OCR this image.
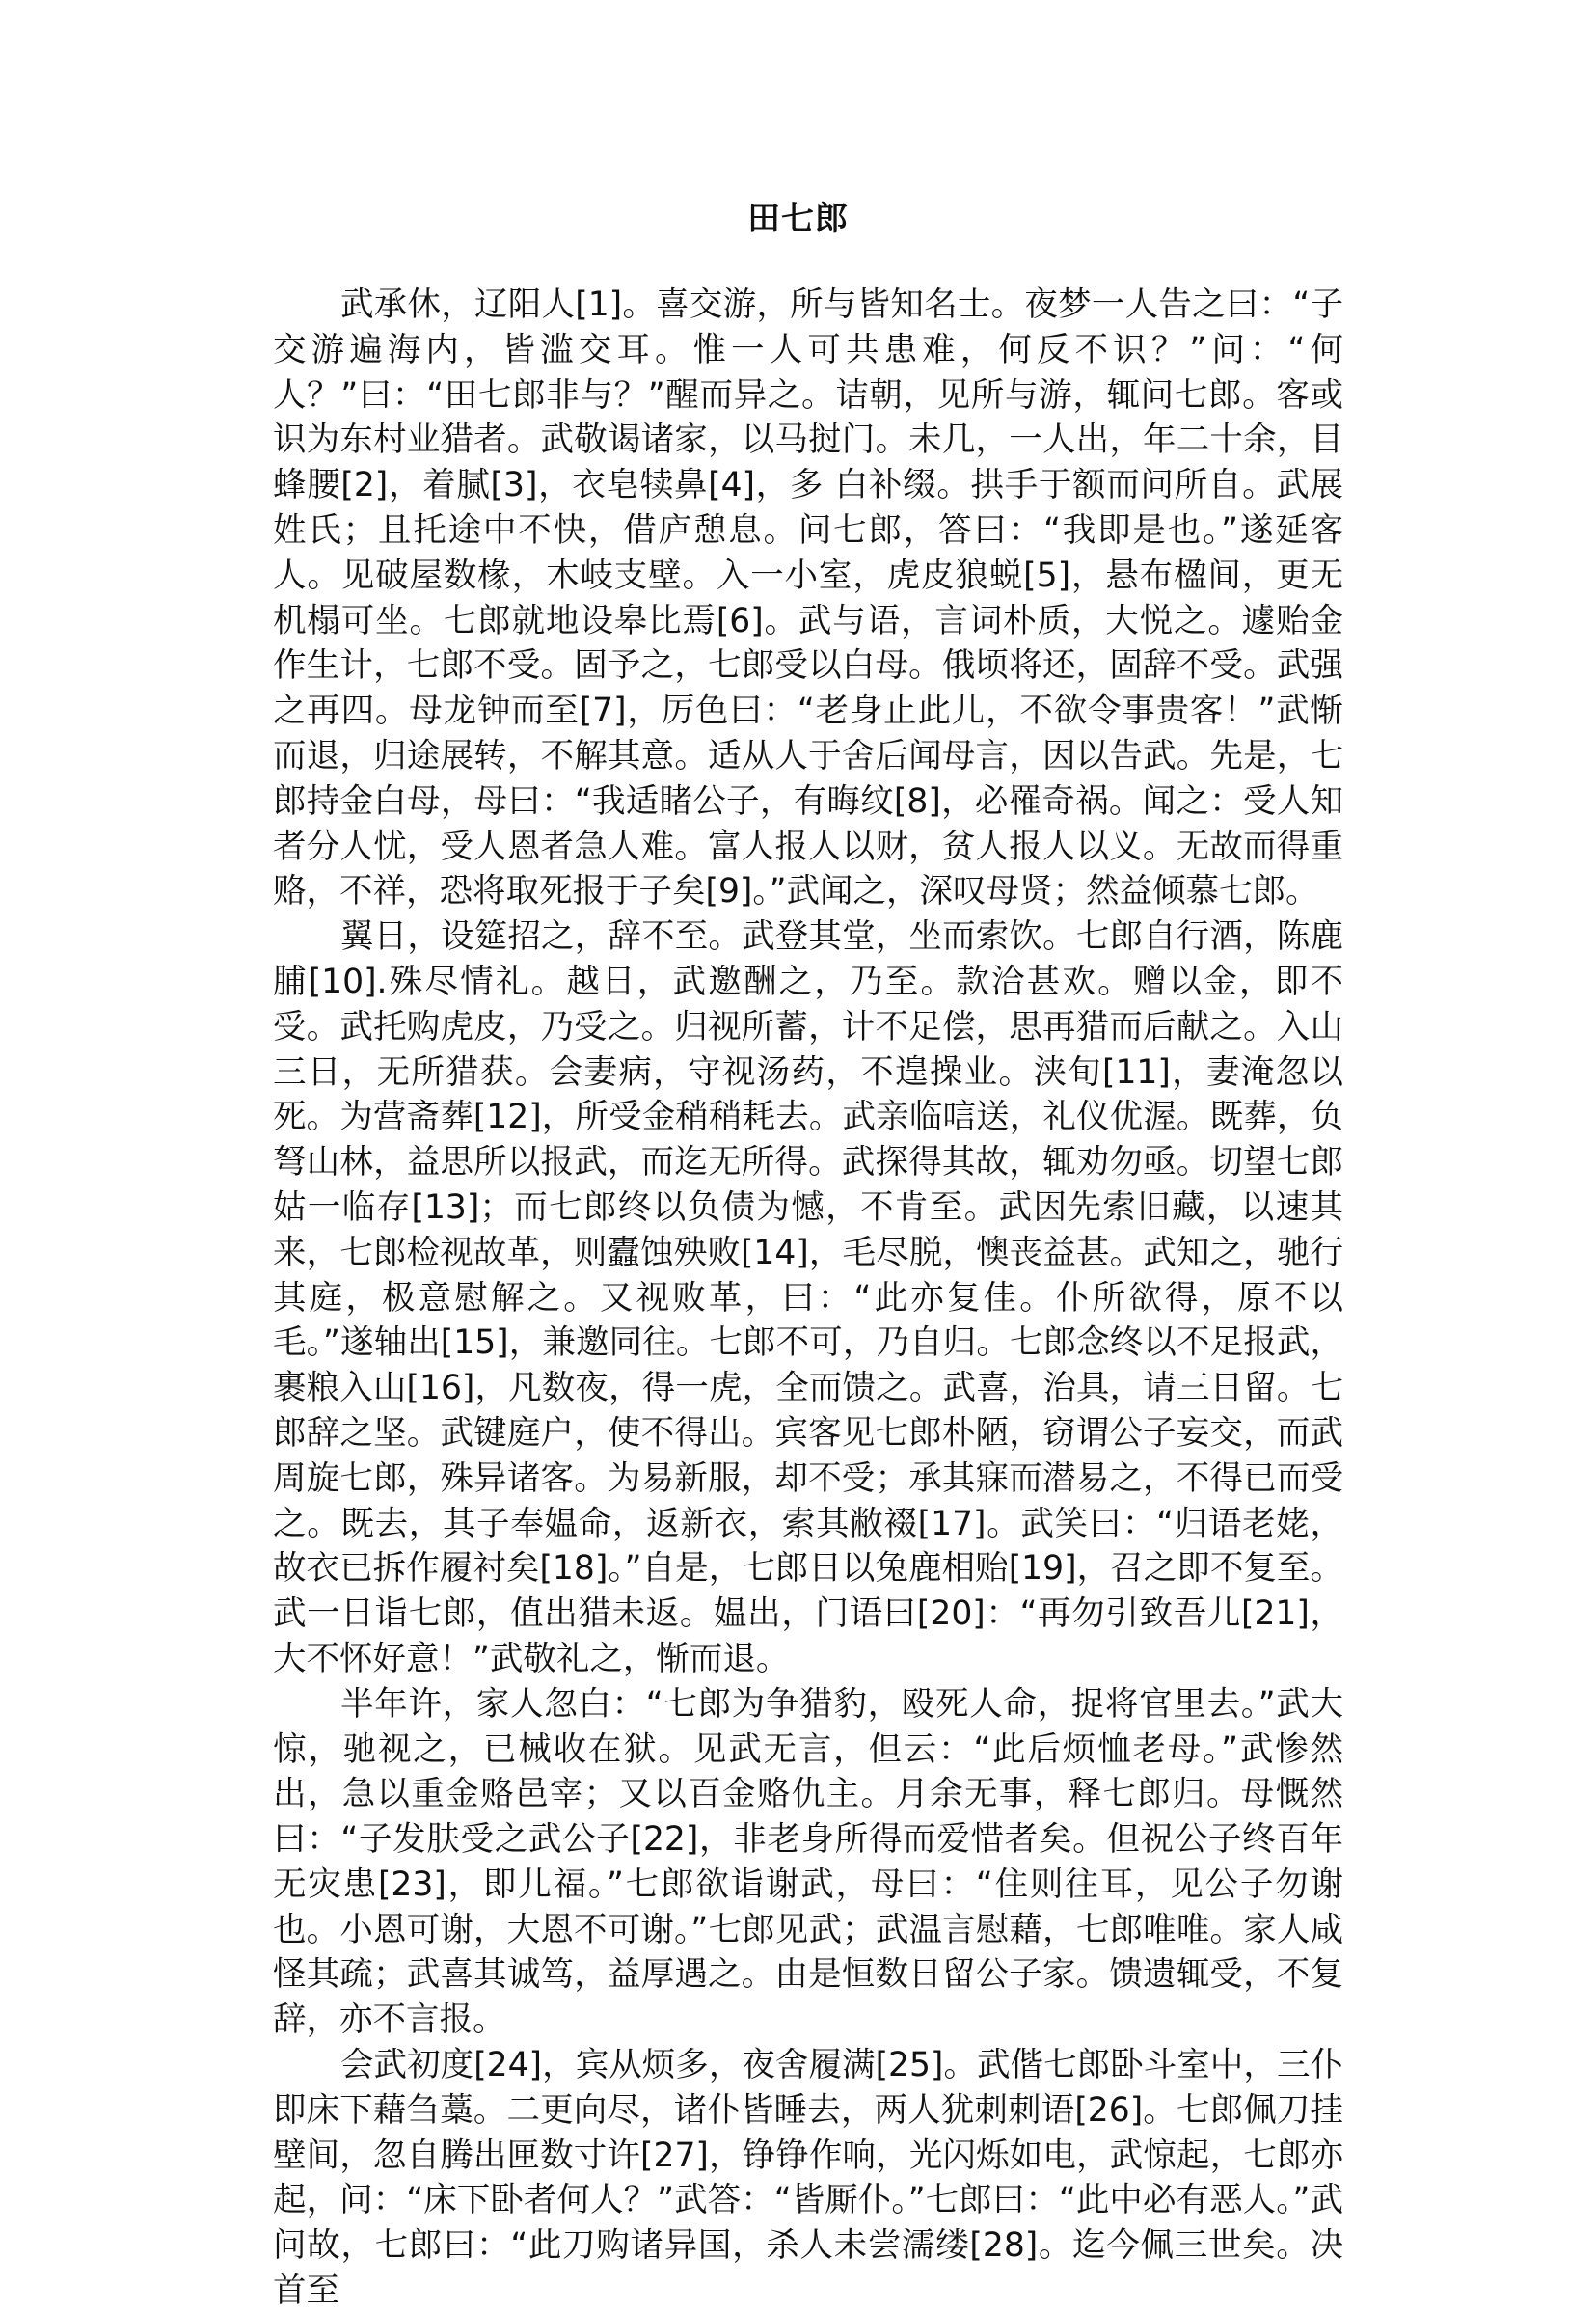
田七郎

武承休，辽阳人[1]。喜交游，所与皆知名士。夜梦一人告之曰：“子交游遍海内，皆滥交耳。惟一人可共患难，何反不识？”问：“何人？”曰：“田七郎非与？”醒而异之。诘朝，见所与游，辄问七郎。客或识为东村业猎者。武敬谒诸家，以马挝门。未几，一人出，年二十余，目蜂腰[2]，着腻[3]，衣皂犊鼻[4]，多 白补缀。拱手于额而问所自。武展姓氏；且托途中不快，借庐憩息。问七郎，答曰：“我即是也。”遂延客人。见破屋数椽，木岐支壁。入一小室，虎皮狼蜕[5]，悬布楹间，更无机榻可坐。七郎就地设皋比焉[6]。武与语，言词朴质，大悦之。遽贻金作生计，七郎不受。固予之，七郎受以白母。俄顷将还，固辞不受。武强之再四。母龙钟而至[7]，厉色曰：“老身止此儿，不欲令事贵客！”武惭而退，归途展转，不解其意。适从人于舍后闻母言，因以告武。先是，七郎持金白母，母曰：“我适睹公子，有晦纹[8]，必罹奇祸。闻之：受人知者分人忧，受人恩者急人难。富人报人以财，贫人报人以义。无故而得重赂，不祥，恐将取死报于子矣[9]。”武闻之，深叹母贤；然益倾慕七郎。

翼日，设筵招之，辞不至。武登其堂，坐而索饮。七郎自行酒，陈鹿脯[10].殊尽情礼。越日，武邀酬之，乃至。款洽甚欢。赠以金，即不受。武托购虎皮，乃受之。归视所蓄，计不足偿，思再猎而后献之。入山三日，无所猎获。会妻病，守视汤药，不遑操业。浃旬[11]，妻淹忽以死。为营斋葬[12]，所受金稍稍耗去。武亲临唁送，礼仪优渥。既葬，负弩山林，益思所以报武，而迄无所得。武探得其故，辄劝勿亟。切望七郎姑一临存[13]；而七郎终以负债为憾，不肯至。武因先索旧藏，以速其来，七郎检视故革，则蠹蚀殃败[14]，毛尽脱，懊丧益甚。武知之，驰行其庭，极意慰解之。又视败革，曰：“此亦复佳。仆所欲得，原不以毛。”遂轴出[15]，兼邀同往。七郎不可，乃自归。七郎念终以不足报武，裹粮入山[16]，凡数夜，得一虎，全而馈之。武喜，治具，请三日留。七郎辞之坚。武键庭户，使不得出。宾客见七郎朴陋，窃谓公子妄交，而武周旋七郎，殊异诸客。为易新服，却不受；承其寐而潜易之，不得已而受之。既去，其子奉媪命，返新衣，索其敝裰[17]。武笑曰：“归语老姥，故衣已拆作履衬矣[18]。”自是，七郎日以兔鹿相贻[19]，召之即不复至。武一日诣七郎，值出猎未返。媪出，门语曰[20]：“再勿引致吾儿[21]，大不怀好意！”武敬礼之，惭而退。

半年许，家人忽白：“七郎为争猎豹，殴死人命，捉将官里去。”武大惊，驰视之，已械收在狱。见武无言，但云：“此后烦恤老母。”武惨然出，急以重金赂邑宰；又以百金赂仇主。月余无事，释七郎归。母慨然曰：“子发肤受之武公子[22]，非老身所得而爱惜者矣。但祝公子终百年无灾患[23]，即儿福。”七郎欲诣谢武，母曰：“住则往耳，见公子勿谢也。小恩可谢，大恩不可谢。”七郎见武；武温言慰藉，七郎唯唯。家人咸怪其疏；武喜其诚笃，益厚遇之。由是恒数日留公子家。馈遗辄受，不复辞，亦不言报。

会武初度[24]，宾从烦多，夜舍履满[25]。武偕七郎卧斗室中，三仆即床下藉刍藁。二更向尽，诸仆皆睡去，两人犹刺刺语[26]。七郎佩刀挂壁间，忽自腾出匣数寸许[27]，铮铮作响，光闪烁如电，武惊起，七郎亦起，问：“床下卧者何人？”武答：“皆厮仆。”七郎曰：“此中必有恶人。”武问故，七郎曰：“此刀购诸异国，杀人未尝濡缕[28]。迄今佩三世矣。决首至
